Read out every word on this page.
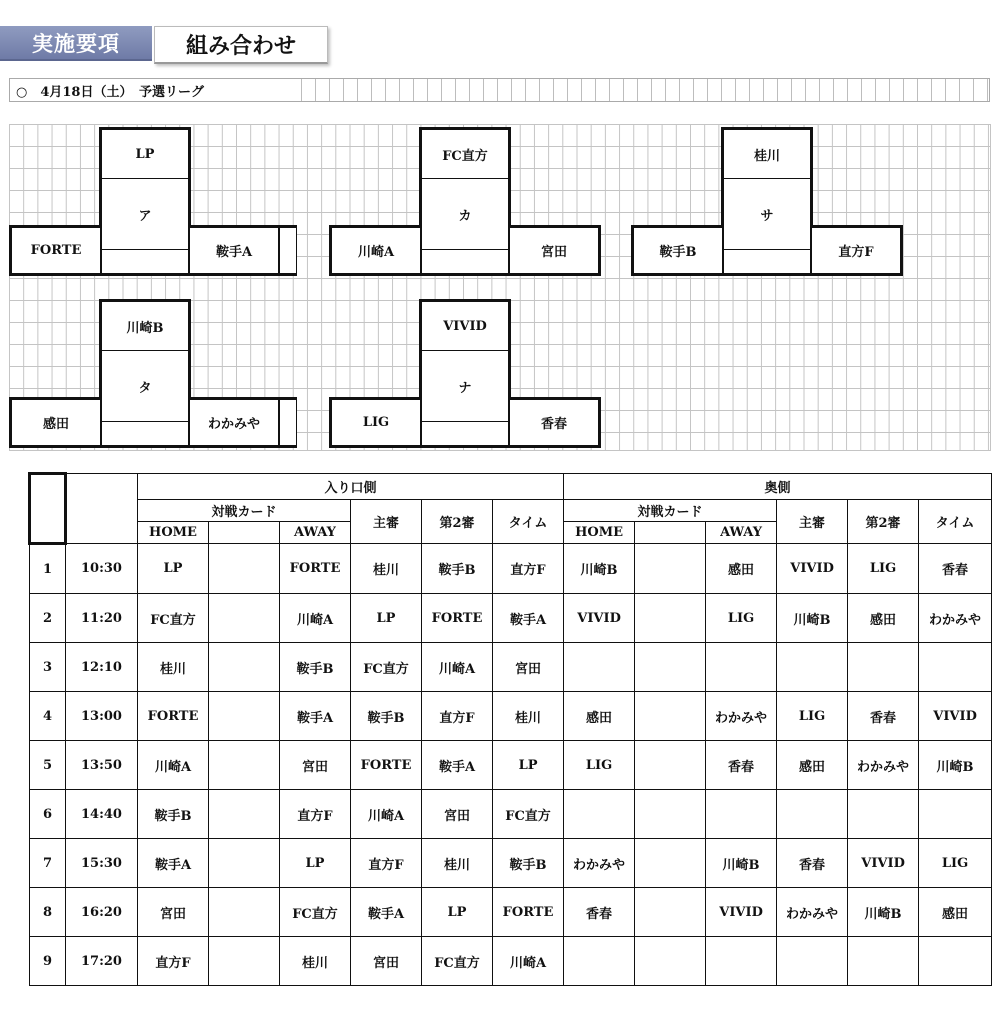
実施要項	組み合わせ
○　4月18日（土）　予選リーグ
LP
ア
FORTE	鞍手A
FC直方
カ
川崎A	宮田
桂川
サ
鞍手B	直方F
川崎B
タ
感田	わかみや
VIVID
ナ
LIG	香春
		入り口側						奥側					
		対戦カード			主審	第2審	タイム	対戦カード			主審	第2審	タイム
		HOME		AWAY				HOME		AWAY			
1	10:30	LP		FORTE	桂川	鞍手B	直方F	川崎B		感田	VIVID	LIG	香春
2	11:20	FC直方		川崎A	LP	FORTE	鞍手A	VIVID		LIG	川崎B	感田	わかみや
3	12:10	桂川		鞍手B	FC直方	川崎A	宮田						
4	13:00	FORTE		鞍手A	鞍手B	直方F	桂川	感田		わかみや	LIG	香春	VIVID
5	13:50	川崎A		宮田	FORTE	鞍手A	LP	LIG		香春	感田	わかみや	川崎B
6	14:40	鞍手B		直方F	川崎A	宮田	FC直方						
7	15:30	鞍手A		LP	直方F	桂川	鞍手B	わかみや		川崎B	香春	VIVID	LIG
8	16:20	宮田		FC直方	鞍手A	LP	FORTE	香春		VIVID	わかみや	川崎B	感田
9	17:20	直方F		桂川	宮田	FC直方	川崎A						
